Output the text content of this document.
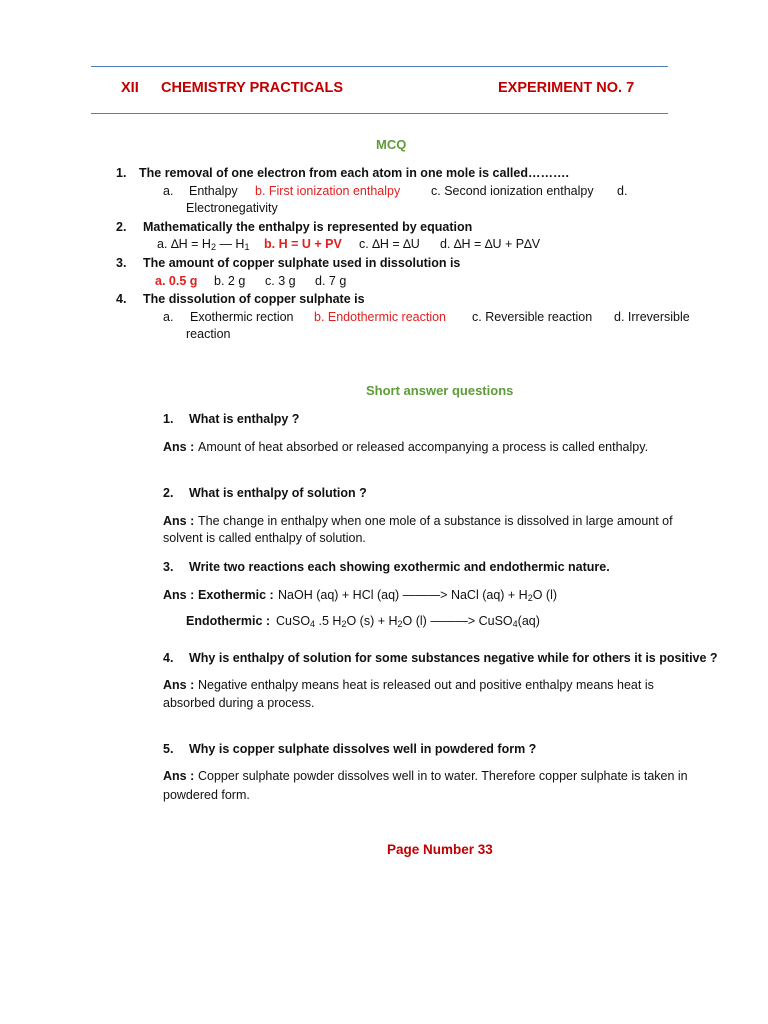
XII CHEMISTRY PRACTICALS	EXPERIMENT NO. 7
MCQ
1. The removal of one electron from each atom in one mole is called……….
a. Enthalpy b. First ionization enthalpy c. Second ionization enthalpy d.
Electronegativity
2. Mathematically the enthalpy is represented by equation
a. $\Delta H = H_2$ — $H_1$ b. H = U + PV c. ∆H = ∆U d. ∆H = ∆U + P∆V
3. The amount of copper sulphate used in dissolution is
a. 0.5 g b. 2 g c. 3 g d. 7 g
4. The dissolution of copper sulphate is
a. Exothermic rection b. Endothermic reaction c. Reversible reaction d. Irreversible
reaction
Short answer questions
1. What is enthalpy ?
Ans : Amount of heat absorbed or released accompanying a process is called enthalpy.
2. What is enthalpy of solution ?
Ans : The change in enthalpy when one mole of a substance is dissolved in large amount of
solvent is called enthalpy of solution.
3. Write two reactions each showing exothermic and endothermic nature.
Ans : Exothermic : NaOH (aq) + HCl (aq) ———> NaCl $(aq) + H_2O$ (l)
Endothermic : CuSO$_4$ .5 $H_2O$ $(s) + H_2O$ (l) ———> CuSO$_4$(aq)
4. Why is enthalpy of solution for some substances negative while for others it is positive ?
Ans : Negative enthalpy means heat is released out and positive enthalpy means heat is
absorbed during a process.
5. Why is copper sulphate dissolves well in powdered form ?
Ans : Copper sulphate powder dissolves well in to water. Therefore copper sulphate is taken in
powdered form.
Page Number 33
